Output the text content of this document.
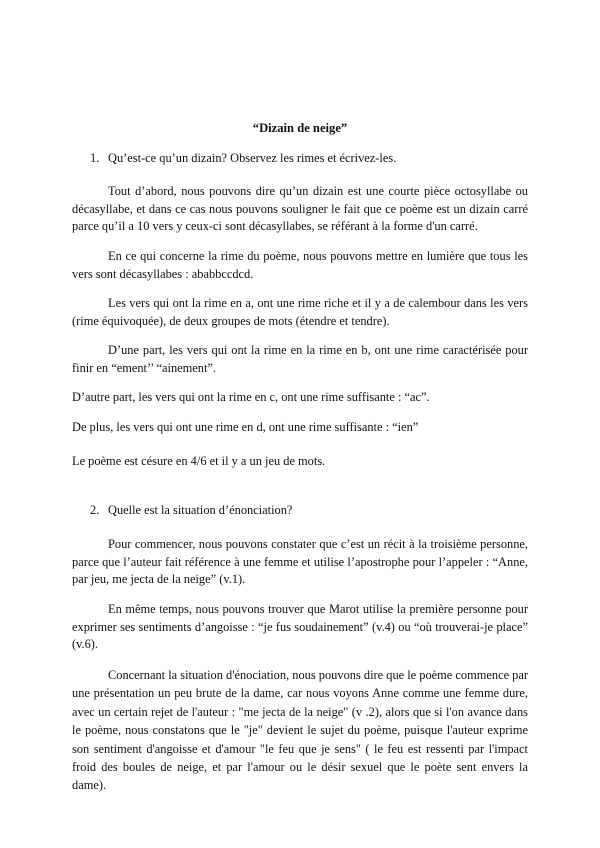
“Dizain de neige”
1. Qu’est-ce qu’un dizain? Observez les rimes et écrivez-les.
Tout d’abord, nous pouvons dire qu’un dizain est une courte pièce octosyllabe ou décasyllabe, et dans ce cas nous pouvons souligner le fait que ce poème est un dizain carré parce qu’il a 10 vers y ceux-ci sont décasyllabes, se référant à la forme d'un carré.
En ce qui concerne la rime du poème, nous pouvons mettre en lumière que tous les vers sont décasyllabes : ababbccdcd.
Les vers qui ont la rime en a, ont une rime riche et il y a de calembour dans les vers (rime équivoquée), de deux groupes de mots (étendre et tendre).
D’une part, les vers qui ont la rime en la rime en b, ont une rime caractérisée pour finir en “ement’’ “ainement”.
D’autre part, les vers qui ont la rime en c, ont une rime suffisante : “ac”.
De plus, les vers qui ont une rime en d, ont une rime suffisante : “ien”
Le poème est césure en 4/6 et il y a un jeu de mots.
2. Quelle est la situation d’énonciation?
Pour commencer, nous pouvons constater que c’est un récit à la troisième personne, parce que l’auteur fait référence à une femme et utilise l’apostrophe pour l’appeler : “Anne, par jeu, me jecta de la neige” (v.1).
En même temps, nous pouvons trouver que Marot utilise la première personne pour exprimer ses sentiments d’angoisse : “je fus soudainement” (v.4) ou “où trouverai-je place” (v.6).
Concernant la situation d'énociation, nous pouvons dire que le poème commence par une présentation un peu brute de la dame, car nous voyons Anne comme une femme dure, avec un certain rejet de l'auteur : "me jecta de la neige" (v .2), alors que si l'on avance dans le poème, nous constatons que le "je" devient le sujet du poème, puisque l'auteur exprime son sentiment d'angoisse et d'amour "le feu que je sens" ( le feu est ressenti par l'impact froid des boules de neige, et par l'amour ou le désir sexuel que le poète sent envers la dame).
